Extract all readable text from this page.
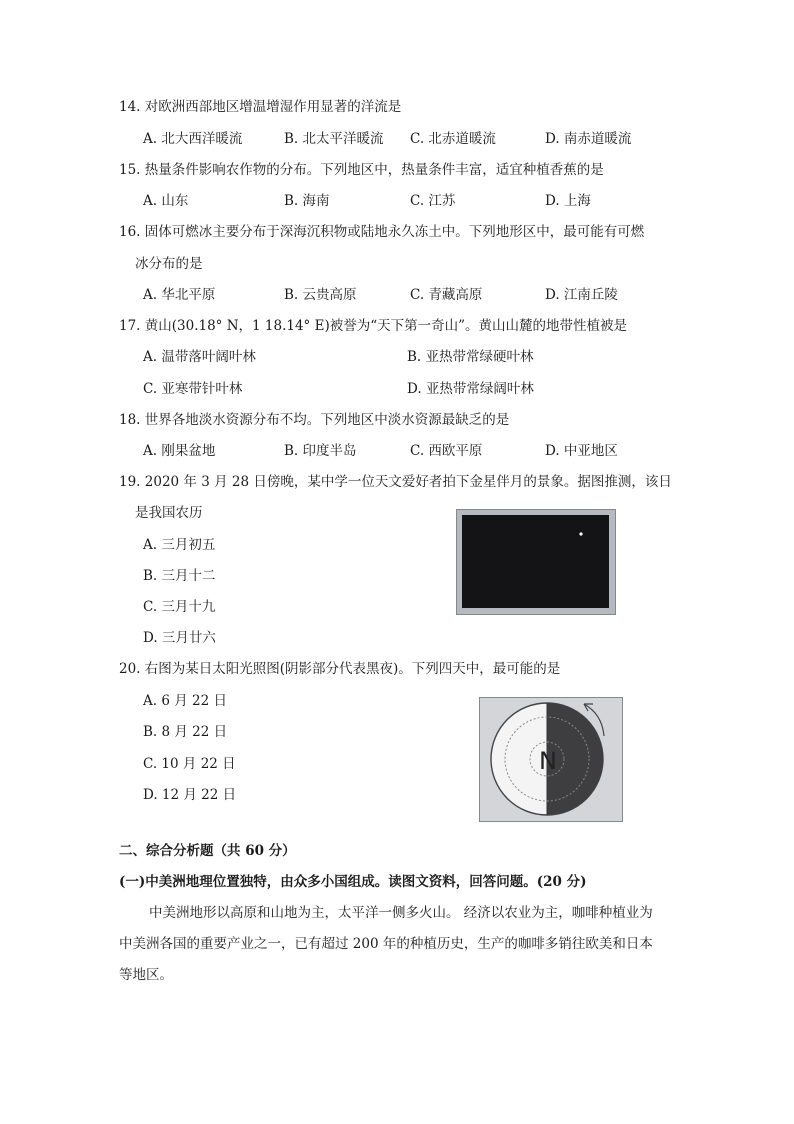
14. 对欧洲西部地区增温增湿作用显著的洋流是
A. 北大西洋暖流	B. 北太平洋暖流 C. 北赤道暖流	D. 南赤道暖流
15. 热量条件影响农作物的分布。下列地区中，热量条件丰富，适宜种植香蕉的是
A. 山东	B. 海南	C. 江苏	D. 上海
16. 固体可燃冰主要分布于深海沉积物或陆地永久冻土中。下列地形区中，最可能有可燃
冰分布的是
A. 华北平原	B. 云贵高原	C. 青藏高原	D. 江南丘陵
17. 黄山(30.18° N，1 18.14° E)被誉为“天下第一奇山”。黄山山麓的地带性植被是
A. 温带落叶阔叶林	B. 亚热带常绿硬叶林
C. 亚寒带针叶林	D. 亚热带常绿阔叶林
18. 世界各地淡水资源分布不均。下列地区中淡水资源最缺乏的是
A. 刚果盆地	B. 印度半岛	C. 西欧平原	D. 中亚地区
19. 2020 年 3 月 28 日傍晚，某中学一位天文爱好者拍下金星伴月的景象。据图推测，该日
是我国农历
A. 三月初五
B. 三月十二
C. 三月十九
D. 三月廿六
20. 右图为某日太阳光照图(阴影部分代表黑夜)。下列四天中，最可能的是
A. 6 月 22 日
B. 8 月 22 日
C. 10 月 22 日
D. 12 月 22 日
N
二、综合分析题（共 60 分）
(一)中美洲地理位置独特，由众多小国组成。读图文资料，回答问题。(20 分)
中美洲地形以高原和山地为主，太平洋一侧多火山。 经济以农业为主，咖啡种植业为
中美洲各国的重要产业之一，已有超过 200 年的种植历史，生产的咖啡多销往欧美和日本
等地区。
